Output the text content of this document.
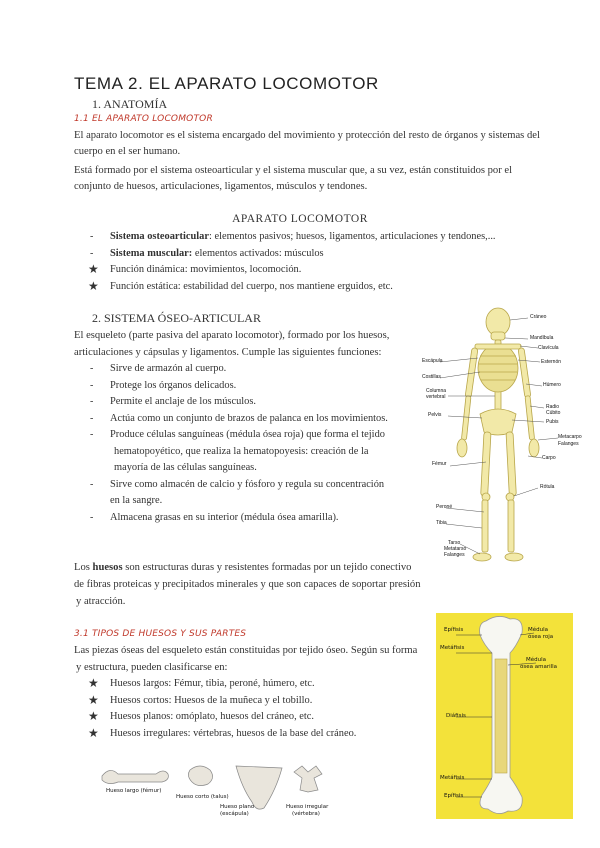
TEMA 2. EL APARATO LOCOMOTOR
1. ANATOMÍA
1.1 EL APARATO LOCOMOTOR
El aparato locomotor es el sistema encargado del movimiento y protección del resto de órganos y sistemas del
cuerpo en el ser humano.
Está formado por el sistema osteoarticular y el sistema muscular que, a su vez, están constituidos por el
conjunto de huesos, articulaciones, ligamentos, músculos y tendones.
APARATO LOCOMOTOR
- Sistema osteoarticular: elementos pasivos; huesos, ligamentos, articulaciones y tendones,...
- Sistema muscular: elementos activados: músculos
★ Función dinámica: movimientos, locomoción.
★ Función estática: estabilidad del cuerpo, nos mantiene erguidos, etc.
2. SISTEMA ÓSEO-ARTICULAR
El esqueleto (parte pasiva del aparato locomotor), formado por los huesos,
articulaciones y cápsulas y ligamentos. Cumple las siguientes funciones:
- Sirve de armazón al cuerpo.
- Protege los órganos delicados.
- Permite el anclaje de los músculos.
- Actúa como un conjunto de brazos de palanca en los movimientos.
- Produce células sanguíneas (médula ósea roja) que forma el tejido
hematopoyético, que realiza la hematopoyesis: creación de la
mayoría de las células sanguíneas.
- Sirve como almacén de calcio y fósforo y regula su concentración
en la sangre.
- Almacena grasas en su interior (médula ósea amarilla).
Los huesos son estructuras duras y resistentes formadas por un tejido conectivo
de fibras proteicas y precipitados minerales y que son capaces de soportar presión
y atracción.
3.1 TIPOS DE HUESOS Y SUS PARTES
Las piezas óseas del esqueleto están constituidas por tejido óseo. Según su forma
y estructura, pueden clasificarse en:
★ Huesos largos: Fémur, tibia, peroné, húmero, etc.
★ Huesos cortos: Huesos de la muñeca y el tobillo.
★ Huesos planos: omóplato, huesos del cráneo, etc.
★ Huesos irregulares: vértebras, huesos de la base del cráneo.
Cráneo
Mandíbula
Clavícula
Escápula	Esternón
Costillas
Húmero
Columna
vertebral
Radio
Cúbito
Pelvis
Pubis
Metacarpo
Falanges
Carpo
Fémur
Rótula
Peroné
Tibia
Tarso
Metatarso
Falanges
Epífisis
Metáfisis
Médula
ósea roja
Médula
ósea amarilla
Diáfisis
Metáfisis
Epífisis
Hueso largo (fémur)
Hueso corto (talus)
Hueso plano
(escápula)
Hueso irregular
(vértebra)
